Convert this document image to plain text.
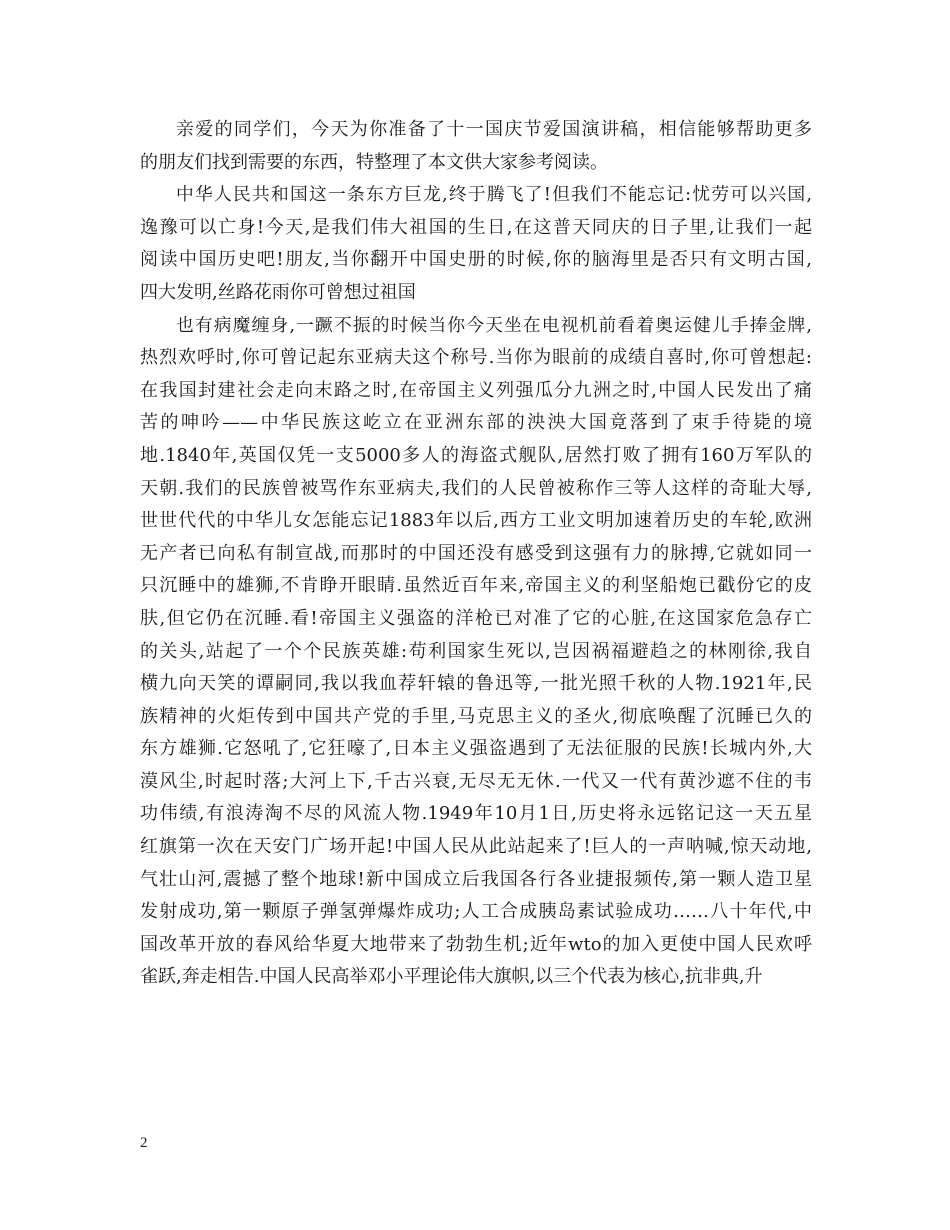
亲爱的同学们，今天为你准备了十一国庆节爱国演讲稿，相信能够帮助更多
的朋友们找到需要的东西，特整理了本文供大家参考阅读。
中华人民共和国这一条东方巨龙,终于腾飞了!但我们不能忘记:忧劳可以兴国,
逸豫可以亡身!今天,是我们伟大祖国的生日,在这普天同庆的日子里,让我们一起
阅读中国历史吧!朋友,当你翻开中国史册的时候,你的脑海里是否只有文明古国,
四大发明,丝路花雨你可曾想过祖国
也有病魔缠身,一蹶不振的时候当你今天坐在电视机前看着奥运健儿手捧金牌,
热烈欢呼时,你可曾记起东亚病夫这个称号.当你为眼前的成绩自喜时,你可曾想起:
在我国封建社会走向末路之时,在帝国主义列强瓜分九洲之时,中国人民发出了痛
苦的呻吟——中华民族这屹立在亚洲东部的泱泱大国竟落到了束手待毙的境
地.1840年,英国仅凭一支5000多人的海盗式舰队,居然打败了拥有160万军队的
天朝.我们的民族曾被骂作东亚病夫,我们的人民曾被称作三等人这样的奇耻大辱,
世世代代的中华儿女怎能忘记1883年以后,西方工业文明加速着历史的车轮,欧洲
无产者已向私有制宣战,而那时的中国还没有感受到这强有力的脉搏,它就如同一
只沉睡中的雄狮,不肯睁开眼睛.虽然近百年来,帝国主义的利坚船炮已戳份它的皮
肤,但它仍在沉睡.看!帝国主义强盗的洋枪已对准了它的心脏,在这国家危急存亡
的关头,站起了一个个民族英雄:苟利国家生死以,岂因祸福避趋之的林刚徐,我自
横九向天笑的谭嗣同,我以我血荐轩辕的鲁迅等,一批光照千秋的人物.1921年,民
族精神的火炬传到中国共产党的手里,马克思主义的圣火,彻底唤醒了沉睡已久的
东方雄狮.它怒吼了,它狂嚎了,日本主义强盗遇到了无法征服的民族!长城内外,大
漠风尘,时起时落;大河上下,千古兴衰,无尽无无休.一代又一代有黄沙遮不住的韦
功伟绩,有浪涛淘不尽的风流人物.1949年10月1日,历史将永远铭记这一天五星
红旗第一次在天安门广场开起!中国人民从此站起来了!巨人的一声呐喊,惊天动地,
气壮山河,震撼了整个地球!新中国成立后我国各行各业捷报频传,第一颗人造卫星
发射成功,第一颗原子弹氢弹爆炸成功;人工合成胰岛素试验成功……八十年代,中
国改革开放的春风给华夏大地带来了勃勃生机;近年wto的加入更使中国人民欢呼
雀跃,奔走相告.中国人民高举邓小平理论伟大旗帜,以三个代表为核心,抗非典,升
2
